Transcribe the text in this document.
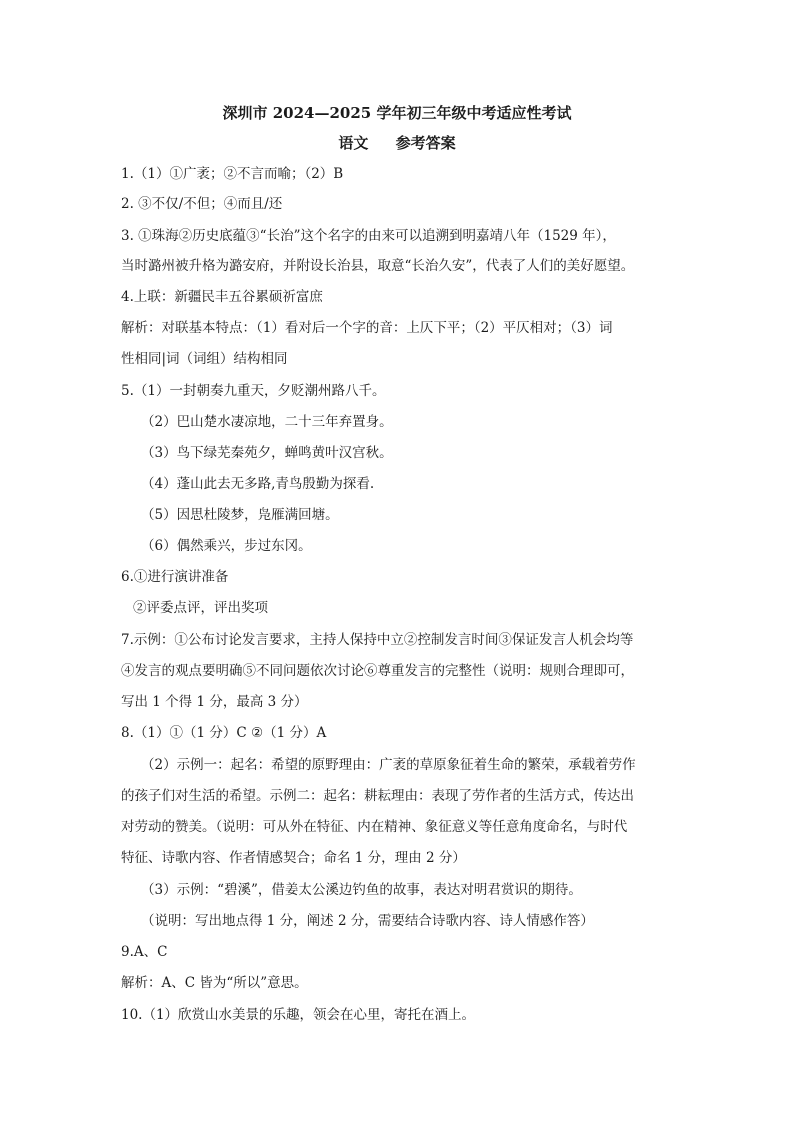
深圳市 2024—2025 学年初三年级中考适应性考试
语文 参考答案
1.（1）①广袤；②不言而喻；（2）B
2. ③不仅/不但；④而且/还
3. ①珠海②历史底蕴③“长治”这个名字的由来可以追溯到明嘉靖八年（1529 年），
当时潞州被升格为潞安府，并附设长治县，取意“长治久安”，代表了人们的美好愿望。
4.上联：新疆民丰五谷累硕祈富庶
解析：对联基本特点：（1）看对后一个字的音：上仄下平；（2）平仄相对；（3）词
性相同|词（词组）结构相同
5.（1）一封朝奏九重天，夕贬潮州路八千。
（2）巴山楚水凄凉地，二十三年弃置身。
（3）鸟下绿芜秦苑夕，蝉鸣黄叶汉宫秋。
（4）蓬山此去无多路,青鸟殷勤为探看.
（5）因思杜陵梦，凫雁满回塘。
（6）偶然乘兴，步过东冈。
6.①进行演讲准备
②评委点评，评出奖项
7.示例：①公布讨论发言要求，主持人保持中立②控制发言时间③保证发言人机会均等
④发言的观点要明确⑤不同问题依次讨论⑥尊重发言的完整性（说明：规则合理即可，
写出 1 个得 1 分，最高 3 分）
8.（1）①（1 分）C ②（1 分）A
（2）示例一：起名：希望的原野理由：广袤的草原象征着生命的繁荣，承载着劳作
的孩子们对生活的希望。示例二：起名：耕耘理由：表现了劳作者的生活方式，传达出
对劳动的赞美。（说明：可从外在特征、内在精神、象征意义等任意角度命名，与时代
特征、诗歌内容、作者情感契合；命名 1 分，理由 2 分）
（3）示例：“碧溪”，借姜太公溪边钓鱼的故事，表达对明君赏识的期待。
（说明：写出地点得 1 分，阐述 2 分，需要结合诗歌内容、诗人情感作答）
9.A、C
解析：A、C 皆为“所以”意思。
10.（1）欣赏山水美景的乐趣，领会在心里，寄托在酒上。
